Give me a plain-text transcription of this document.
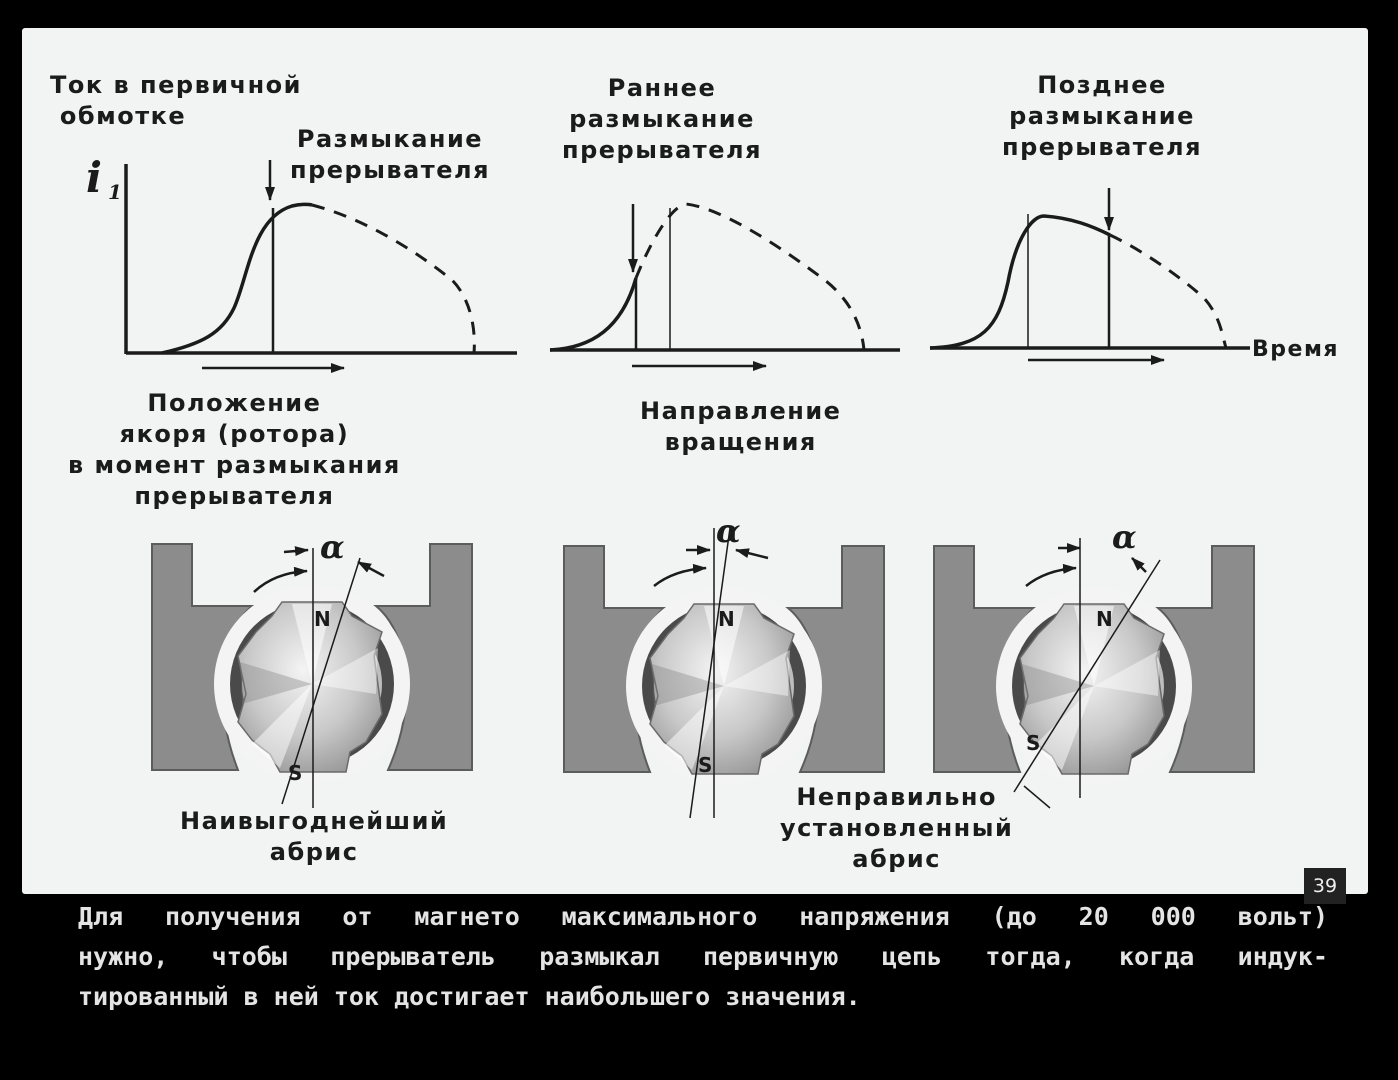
Ток в первичной
обмотке
i 1
Размыкание
прерывателя
Раннее
размыкание
прерывателя
Позднее
размыкание
прерывателя
Время
Положение
якоря (ротора)
в момент размыкания
прерывателя
Направление
вращения
Наивыгоднейший
абрис
Неправильно
установленный
абрис
α	α	α
N
S
N
S
N
S
39
Для получения от магнето максимального напряжения (до 20 000 вольт)
нужно, чтобы прерыватель размыкал первичную цепь тогда, когда индук-
тированный в ней ток достигает наибольшего значения.
